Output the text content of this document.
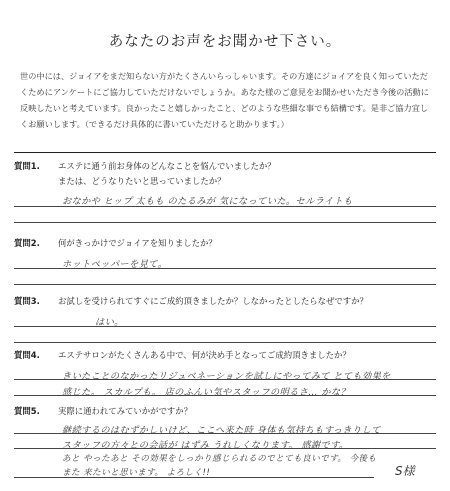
あなたのお声をお聞かせ下さい。

世の中には、ジョイアをまだ知らない方がたくさんいらっしゃいます。その方達にジョイアを良く知っていただくためにアンケートにご協力していただけないでしょうか。あなた様のご意見をお聞かせいただき今後の活動に反映したいと考えています。良かったこと嬉しかったこと、どのような些細な事でも結構です。是非ご協力宜しくお願いします。（できるだけ具体的に書いていただけると助かります。）

質問1. エステに通う前お身体のどんなことを悩んでいましたか？
または、どうなりたいと思っていましたか？
おなかや ヒップ 太もも のたるみが 気になっていた。セルライトも
質問2. 何がきっかけでジョイアを知りましたか？
ホットペッパーを見て。
質問3. お試しを受けられてすぐにご成約頂きましたか？しなかったとしたらなぜですか？
はい。
質問4. エステサロンがたくさんある中で、何が決め手となってご成約頂きましたか？
きいたことのなかったリジュベネーションを試しにやってみて とても効果を
感じた。 スカルプも。 店のふんい気やスタッフの明るさ… かな？
質問5. 実際に通われてみていかがですか？
継続するのはむずかしいけど、ここへ来た時 身体も気持ちもすっきりして
スタッフの方々との会話が はずみ うれしくなります。 感謝です。
あと やったあと その効果をしっかり感じられるのでとても良いです。 今後も
また 来たいと思います。 よろしく!!	S様
